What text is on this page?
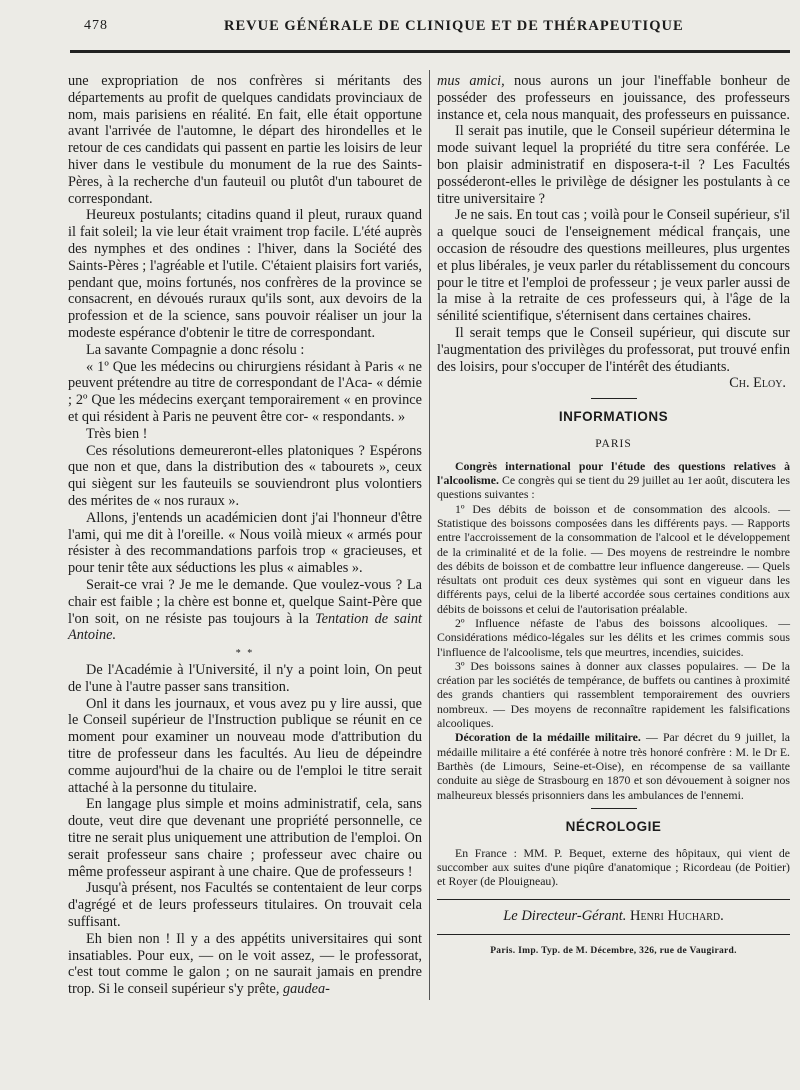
478	REVUE GÉNÉRALE DE CLINIQUE ET DE THÉRAPEUTIQUE

une expropriation de nos confrères si méritants des départements au profit de quelques candidats provinciaux de nom, mais parisiens en réalité. En fait, elle était opportune avant l'arrivée de l'automne, le départ des hirondelles et le retour de ces candidats qui passent en partie les loisirs de leur hiver dans le vestibule du monument de la rue des Saints-Pères, à la recherche d'un fauteuil ou plutôt d'un tabouret de correspondant.

Heureux postulants; citadins quand il pleut, ruraux quand il fait soleil; la vie leur était vraiment trop facile. L'été auprès des nymphes et des ondines : l'hiver, dans la Société des Saints-Pères ; l'agréable et l'utile. C'étaient plaisirs fort variés, pendant que, moins fortunés, nos confrères de la province se consacrent, en dévoués ruraux qu'ils sont, aux devoirs de la profession et de la science, sans pouvoir réaliser un jour la modeste espérance d'obtenir le titre de correspondant.

La savante Compagnie a donc résolu :

« 1º Que les médecins ou chirurgiens résidant à Paris « ne peuvent prétendre au titre de correspondant de l'Aca- « démie ; 2º Que les médecins exerçant temporairement « en province et qui résident à Paris ne peuvent être cor- « respondants. »

Très bien !

Ces résolutions demeureront-elles platoniques ? Espérons que non et que, dans la distribution des « tabourets », ceux qui siègent sur les fauteuils se souviendront plus volontiers des mérites de « nos ruraux ».

Allons, j'entends un académicien dont j'ai l'honneur d'être l'ami, qui me dit à l'oreille. « Nous voilà mieux « armés pour résister à des recommandations parfois trop « gracieuses, et pour tenir tête aux séductions les plus « aimables ».

Serait-ce vrai ? Je me le demande. Que voulez-vous ? La chair est faible ; la chère est bonne et, quelque Saint-Père que l'on soit, on ne résiste pas toujours à la Tentation de saint Antoine.

* *

De l'Académie à l'Université, il n'y a point loin, On peut de l'une à l'autre passer sans transition.

Onl it dans les journaux, et vous avez pu y lire aussi, que le Conseil supérieur de l'Instruction publique se réunit en ce moment pour examiner un nouveau mode d'attribution du titre de professeur dans les facultés. Au lieu de dépeindre comme aujourd'hui de la chaire ou de l'emploi le titre serait attaché à la personne du titulaire.

En langage plus simple et moins administratif, cela, sans doute, veut dire que devenant une propriété personnelle, ce titre ne serait plus uniquement une attribution de l'emploi. On serait professeur sans chaire ; professeur avec chaire ou même professeur aspirant à une chaire. Que de professeurs !

Jusqu'à présent, nos Facultés se contentaient de leur corps d'agrégé et de leurs professeurs titulaires. On trouvait cela suffisant.

Eh bien non ! Il y a des appétits universitaires qui sont insatiables. Pour eux, — on le voit assez, — le professorat, c'est tout comme le galon ; on ne saurait jamais en prendre trop. Si le conseil supérieur s'y prête, gaudea-

mus amici, nous aurons un jour l'ineffable bonheur de posséder des professeurs en jouissance, des professeurs instance et, cela nous manquait, des professeurs en puissance.

Il serait pas inutile, que le Conseil supérieur détermina le mode suivant lequel la propriété du titre sera conférée. Le bon plaisir administratif en disposera-t-il ? Les Facultés posséderont-elles le privilège de désigner les postulants à ce titre universitaire ?

Je ne sais. En tout cas ; voilà pour le Conseil supérieur, s'il a quelque souci de l'enseignement médical français, une occasion de résoudre des questions meilleures, plus urgentes et plus libérales, je veux parler du rétablissement du concours pour le titre et l'emploi de professeur ; je veux parler aussi de la mise à la retraite de ces professeurs qui, à l'âge de la sénilité scientifique, s'éternisent dans certaines chaires.

Il serait temps que le Conseil supérieur, qui discute sur l'augmentation des privilèges du professorat, put trouvé enfin des loisirs, pour s'occuper de l'intérêt des étudiants.

Ch. Eloy.
INFORMATIONS
PARIS

Congrès international pour l'étude des questions relatives à l'alcoolisme. Ce congrès qui se tient du 29 juillet au 1er août, discutera les questions suivantes :

1º Des débits de boisson et de consommation des alcools. — Statistique des boissons composées dans les différents pays. — Rapports entre l'accroissement de la consommation de l'alcool et le développement de la criminalité et de la folie. — Des moyens de restreindre le nombre des débits de boisson et de combattre leur influence dangereuse. — Quels résultats ont produit ces deux systèmes qui sont en vigueur dans les différents pays, celui de la liberté accordée sous certaines conditions aux débits de boissons et celui de l'autorisation préalable.

2º Influence néfaste de l'abus des boissons alcooliques. — Considérations médico-légales sur les délits et les crimes commis sous l'influence de l'alcoolisme, tels que meurtres, incendies, suicides.

3º Des boissons saines à donner aux classes populaires. — De la création par les sociétés de tempérance, de buffets ou cantines à proximité des grands chantiers qui rassemblent temporairement des ouvriers nombreux. — Des moyens de reconnaître rapidement les falsifications alcooliques.

Décoration de la médaille militaire. — Par décret du 9 juillet, la médaille militaire a été conférée à notre très honoré confrère : M. le Dr E. Barthès (de Limours, Seine-et-Oise), en récompense de sa vaillante conduite au siège de Strasbourg en 1870 et son dévouement à soigner nos malheureux blessés prisonniers dans les ambulances de l'ennemi.

NÉCROLOGIE

En France : MM. P. Bequet, externe des hôpitaux, qui vient de succomber aux suites d'une piqûre d'anatomique ; Ricordeau (de Poitier) et Royer (de Plouigneau).

Le Directeur-Gérant. Henri Huchard.
Paris. Imp. Typ. de M. Décembre, 326, rue de Vaugirard.
